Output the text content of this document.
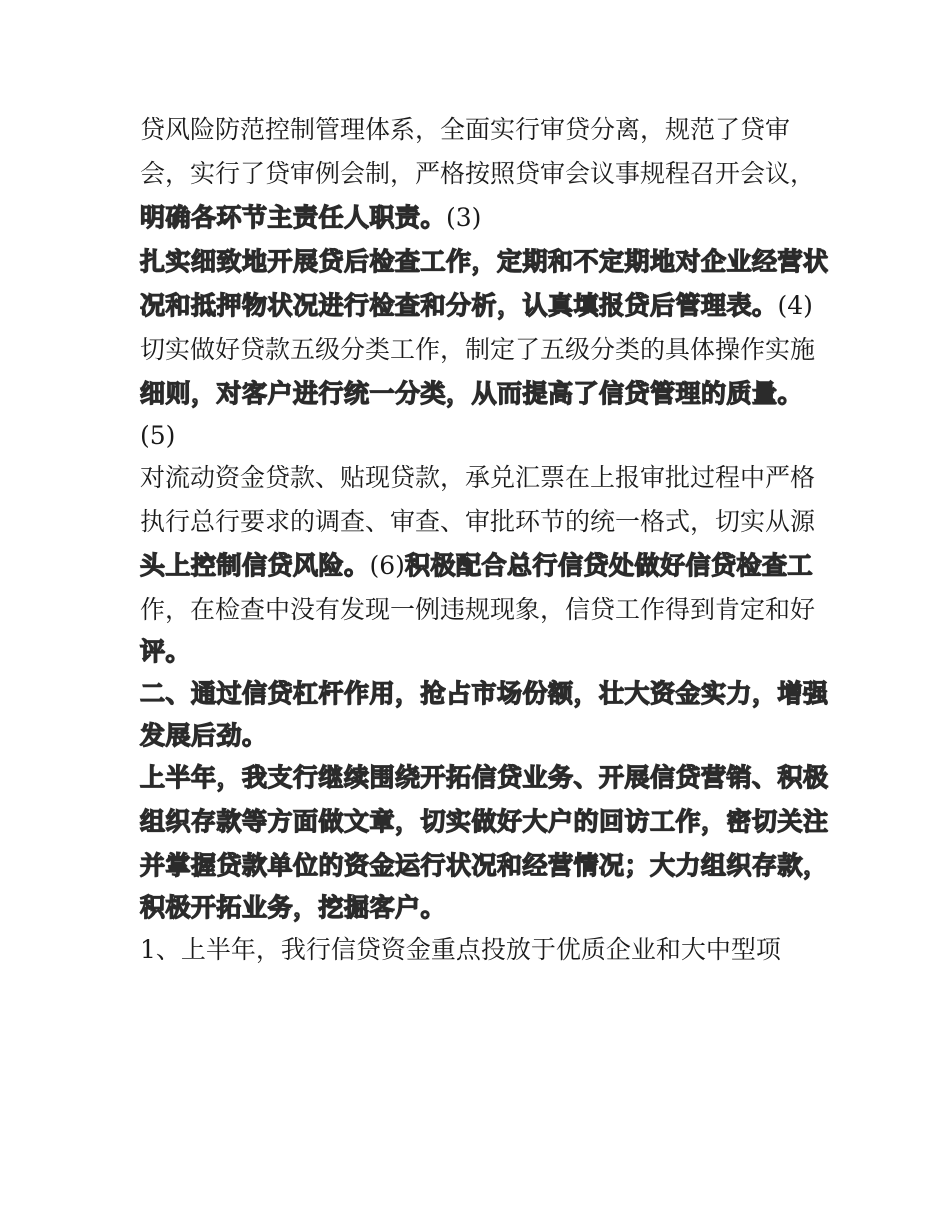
贷风险防范控制管理体系，全面实行审贷分离，规范了贷审
会，实行了贷审例会制，严格按照贷审会议事规程召开会议，
明确各环节主责任人职责。(3)
扎实细致地开展贷后检查工作，定期和不定期地对企业经营状
况和抵押物状况进行检查和分析，认真填报贷后管理表。(4)
切实做好贷款五级分类工作，制定了五级分类的具体操作实施
细则，对客户进行统一分类，从而提高了信贷管理的质量。
(5)
对流动资金贷款、贴现贷款，承兑汇票在上报审批过程中严格
执行总行要求的调查、审查、审批环节的统一格式，切实从源
头上控制信贷风险。(6)积极配合总行信贷处做好信贷检查工
作，在检查中没有发现一例违规现象，信贷工作得到肯定和好
评。
二、通过信贷杠杆作用，抢占市场份额，壮大资金实力，增强
发展后劲。
上半年，我支行继续围绕开拓信贷业务、开展信贷营销、积极
组织存款等方面做文章，切实做好大户的回访工作，密切关注
并掌握贷款单位的资金运行状况和经营情况；大力组织存款，
积极开拓业务，挖掘客户。
1、上半年，我行信贷资金重点投放于优质企业和大中型项
